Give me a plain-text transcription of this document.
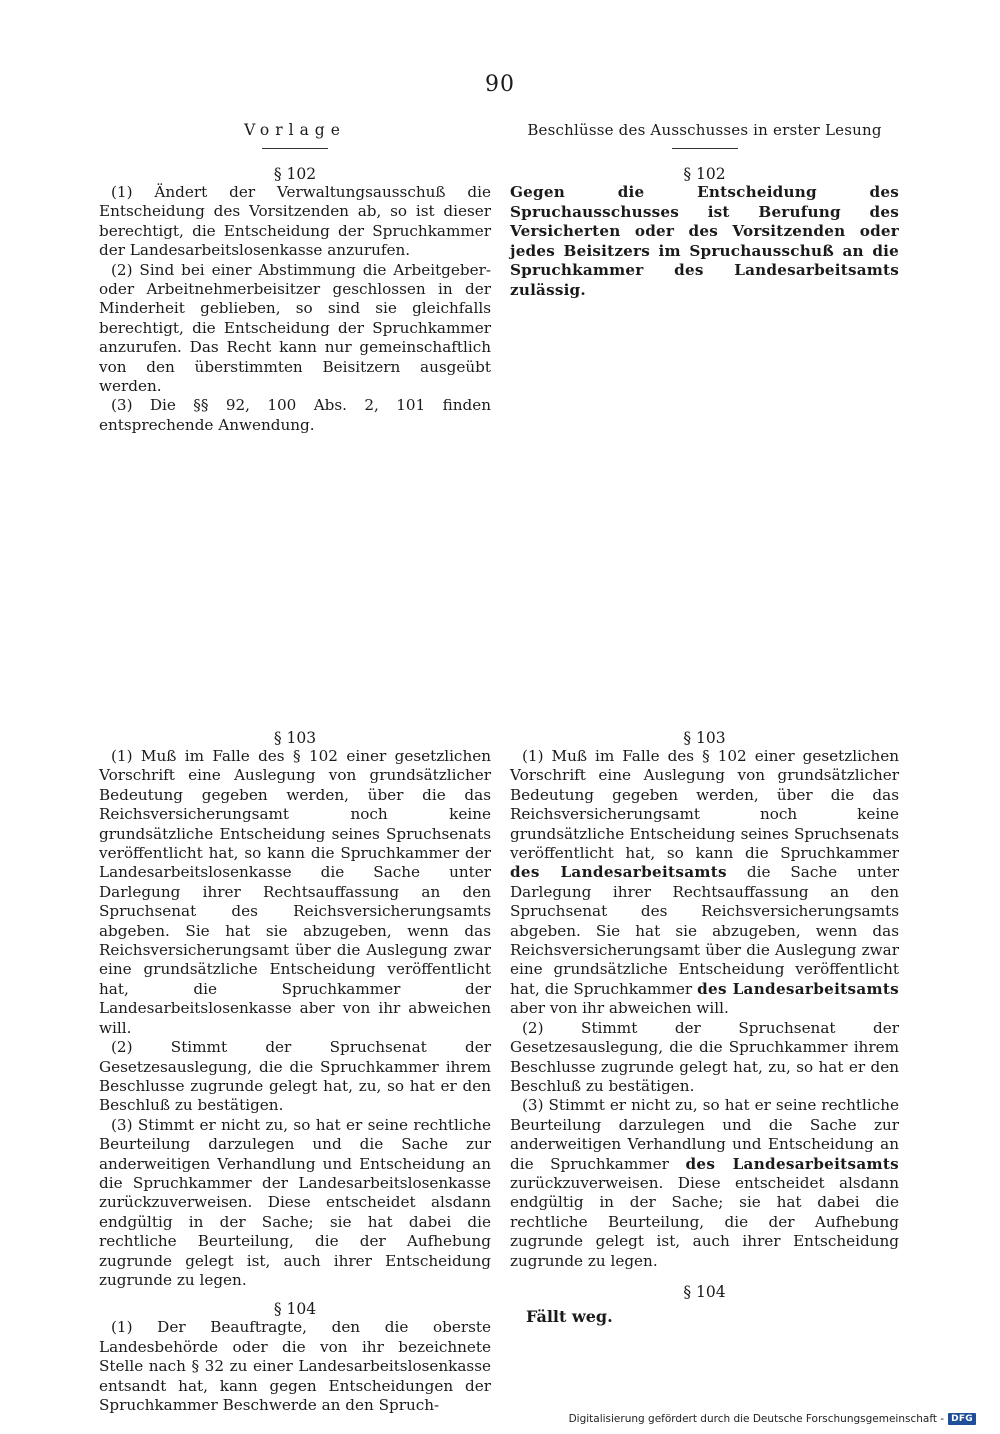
90

Vorlage

§ 102

(1) Ändert der Verwaltungsausschuß die Entscheidung des Vorsitzenden ab, so ist dieser berechtigt, die Entscheidung der Spruchkammer der Landesarbeitslosenkasse anzurufen.

(2) Sind bei einer Abstimmung die Arbeitgeber- oder Arbeitnehmerbeisitzer geschlossen in der Minderheit geblieben, so sind sie gleichfalls berechtigt, die Entscheidung der Spruchkammer anzurufen. Das Recht kann nur gemeinschaftlich von den überstimmten Beisitzern ausgeübt werden.

(3) Die §§ 92, 100 Abs. 2, 101 finden entsprechende Anwendung.

§ 103

(1) Muß im Falle des § 102 einer gesetzlichen Vorschrift eine Auslegung von grundsätzlicher Bedeutung gegeben werden, über die das Reichsversicherungsamt noch keine grundsätzliche Entscheidung seines Spruchsenats veröffentlicht hat, so kann die Spruchkammer der Landesarbeitslosenkasse die Sache unter Darlegung ihrer Rechtsauffassung an den Spruchsenat des Reichsversicherungsamts abgeben. Sie hat sie abzugeben, wenn das Reichsversicherungsamt über die Auslegung zwar eine grundsätzliche Entscheidung veröffentlicht hat, die Spruchkammer der Landesarbeitslosenkasse aber von ihr abweichen will.

(2) Stimmt der Spruchsenat der Gesetzesauslegung, die die Spruchkammer ihrem Beschlusse zugrunde gelegt hat, zu, so hat er den Beschluß zu bestätigen.

(3) Stimmt er nicht zu, so hat er seine rechtliche Beurteilung darzulegen und die Sache zur anderweitigen Verhandlung und Entscheidung an die Spruchkammer der Landesarbeitslosenkasse zurückzuverweisen. Diese entscheidet alsdann endgültig in der Sache; sie hat dabei die rechtliche Beurteilung, die der Aufhebung zugrunde gelegt ist, auch ihrer Entscheidung zugrunde zu legen.

§ 104

(1) Der Beauftragte, den die oberste Landesbehörde oder die von ihr bezeichnete Stelle nach § 32 zu einer Landesarbeitslosenkasse entsandt hat, kann gegen Entscheidungen der Spruchkammer Beschwerde an den Spruch-

Beschlüsse des Ausschusses in erster Lesung

§ 102

Gegen die Entscheidung des Spruchausschusses ist Berufung des Versicherten oder des Vorsitzenden oder jedes Beisitzers im Spruchausschuß an die Spruchkammer des Landesarbeitsamts zulässig.

§ 103

(1) Muß im Falle des § 102 einer gesetzlichen Vorschrift eine Auslegung von grundsätzlicher Bedeutung gegeben werden, über die das Reichsversicherungsamt noch keine grundsätzliche Entscheidung seines Spruchsenats veröffentlicht hat, so kann die Spruchkammer des Landesarbeitsamts die Sache unter Darlegung ihrer Rechtsauffassung an den Spruchsenat des Reichsversicherungsamts abgeben. Sie hat sie abzugeben, wenn das Reichsversicherungsamt über die Auslegung zwar eine grundsätzliche Entscheidung veröffentlicht hat, die Spruchkammer des Landesarbeitsamts aber von ihr abweichen will.

(2) Stimmt der Spruchsenat der Gesetzesauslegung, die die Spruchkammer ihrem Beschlusse zugrunde gelegt hat, zu, so hat er den Beschluß zu bestätigen.

(3) Stimmt er nicht zu, so hat er seine rechtliche Beurteilung darzulegen und die Sache zur anderweitigen Verhandlung und Entscheidung an die Spruchkammer des Landesarbeitsamts zurückzuverweisen. Diese entscheidet alsdann endgültig in der Sache; sie hat dabei die rechtliche Beurteilung, die der Aufhebung zugrunde gelegt ist, auch ihrer Entscheidung zugrunde zu legen.

§ 104

Fällt weg.

Digitalisierung gefördert durch die Deutsche Forschungsgemeinschaft - DFG
